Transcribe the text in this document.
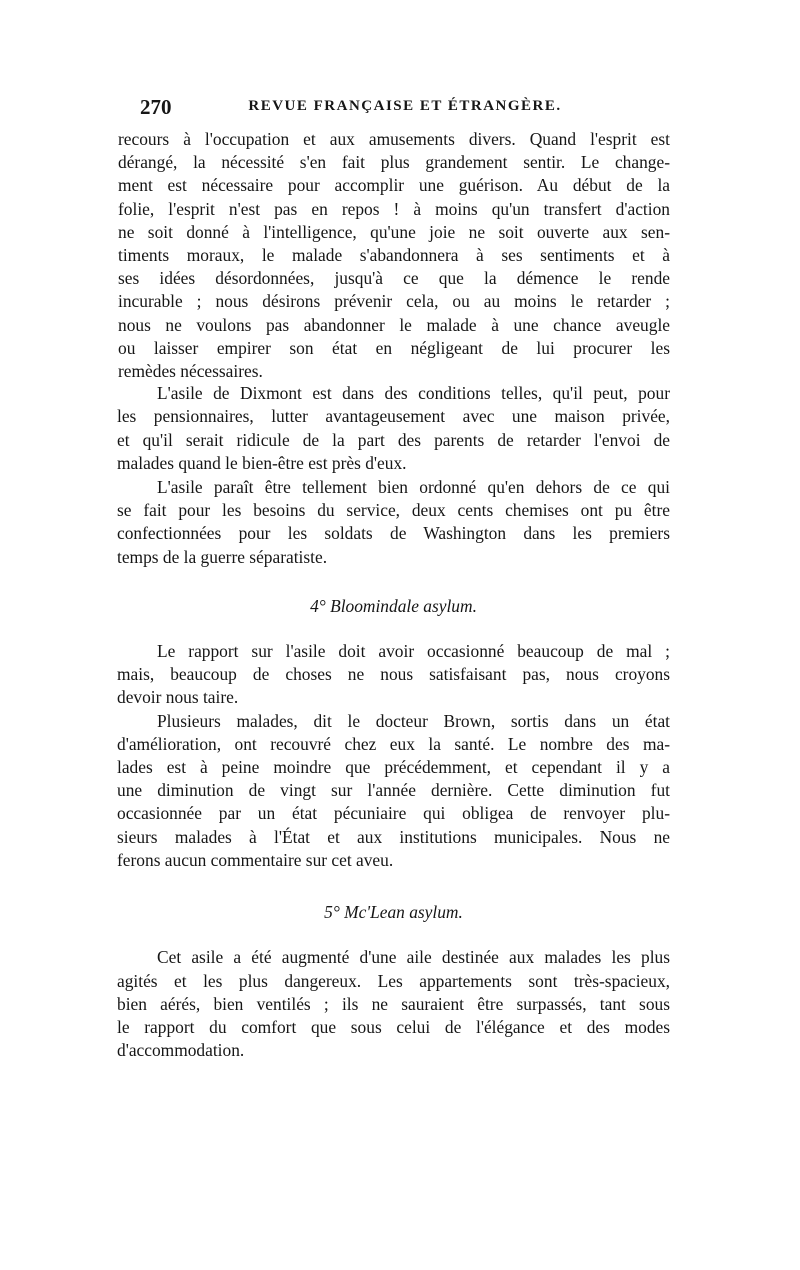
270	REVUE FRANÇAISE ET ÉTRANGÈRE.

recours à l'occupation et aux amusements divers. Quand l'esprit est
dérangé, la nécessité s'en fait plus grandement sentir. Le change-
ment est nécessaire pour accomplir une guérison. Au début de la
folie, l'esprit n'est pas en repos ! à moins qu'un transfert d'action
ne soit donné à l'intelligence, qu'une joie ne soit ouverte aux sen-
timents moraux, le malade s'abandonnera à ses sentiments et à
ses idées désordonnées, jusqu'à ce que la démence le rende
incurable ; nous désirons prévenir cela, ou au moins le retarder ;
nous ne voulons pas abandonner le malade à une chance aveugle
ou laisser empirer son état en négligeant de lui procurer les
remèdes nécessaires.

L'asile de Dixmont est dans des conditions telles, qu'il peut, pour
les pensionnaires, lutter avantageusement avec une maison privée,
et qu'il serait ridicule de la part des parents de retarder l'envoi de
malades quand le bien-être est près d'eux.

L'asile paraît être tellement bien ordonné qu'en dehors de ce qui
se fait pour les besoins du service, deux cents chemises ont pu être
confectionnées pour les soldats de Washington dans les premiers
temps de la guerre séparatiste.

4° Bloomindale asylum.

Le rapport sur l'asile doit avoir occasionné beaucoup de mal ;
mais, beaucoup de choses ne nous satisfaisant pas, nous croyons
devoir nous taire.

Plusieurs malades, dit le docteur Brown, sortis dans un état
d'amélioration, ont recouvré chez eux la santé. Le nombre des ma-
lades est à peine moindre que précédemment, et cependant il y a
une diminution de vingt sur l'année dernière. Cette diminution fut
occasionnée par un état pécuniaire qui obligea de renvoyer plu-
sieurs malades à l'État et aux institutions municipales. Nous ne
ferons aucun commentaire sur cet aveu.

5° Mc'Lean asylum.

Cet asile a été augmenté d'une aile destinée aux malades les plus
agités et les plus dangereux. Les appartements sont très-spacieux,
bien aérés, bien ventilés ; ils ne sauraient être surpassés, tant sous
le rapport du comfort que sous celui de l'élégance et des modes
d'accommodation.
